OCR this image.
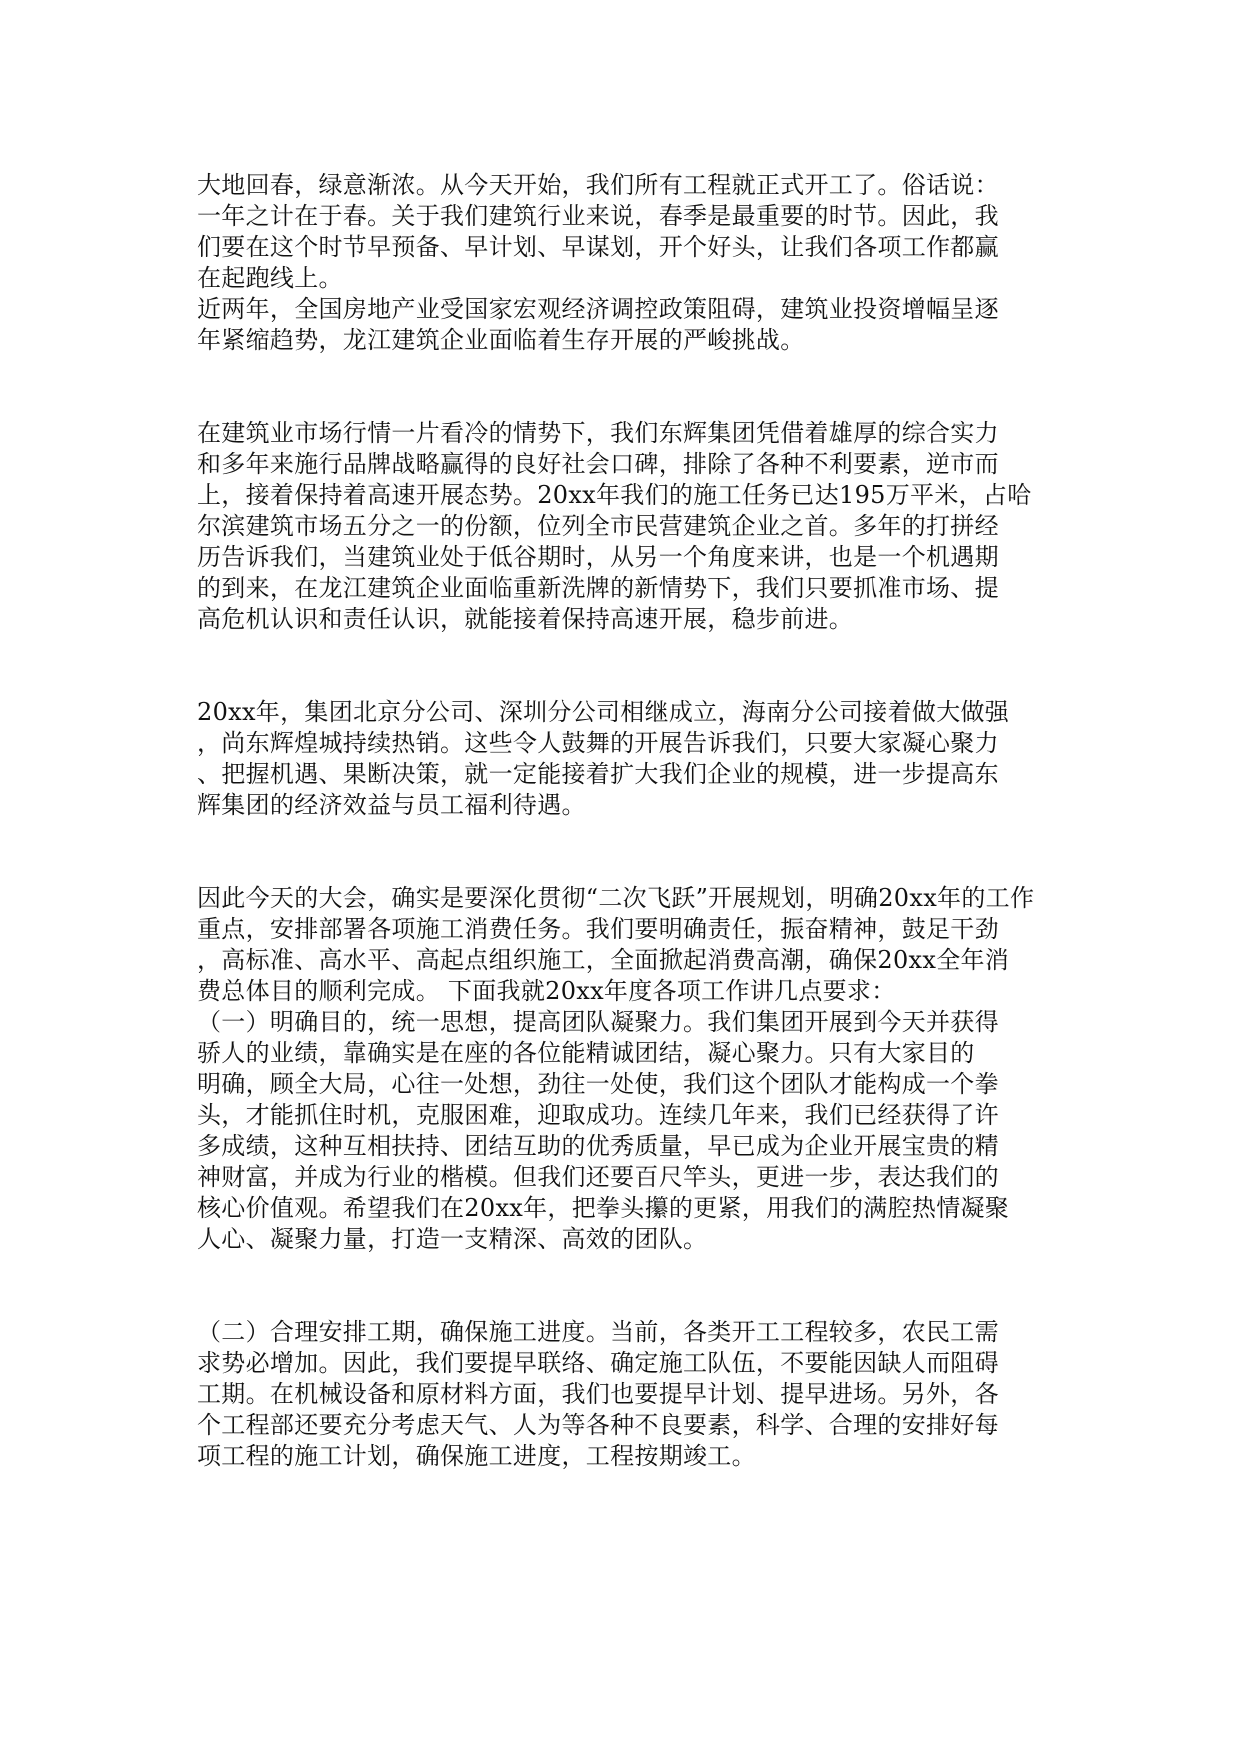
大地回春，绿意渐浓。从今天开始，我们所有工程就正式开工了。俗话说：
一年之计在于春。关于我们建筑行业来说，春季是最重要的时节。因此，我
们要在这个时节早预备、早计划、早谋划，开个好头，让我们各项工作都赢
在起跑线上。
近两年，全国房地产业受国家宏观经济调控政策阻碍，建筑业投资增幅呈逐
年紧缩趋势，龙江建筑企业面临着生存开展的严峻挑战。
在建筑业市场行情一片看冷的情势下，我们东辉集团凭借着雄厚的综合实力
和多年来施行品牌战略赢得的良好社会口碑，排除了各种不利要素，逆市而
上，接着保持着高速开展态势。20xx年我们的施工任务已达195万平米，占哈
尔滨建筑市场五分之一的份额，位列全市民营建筑企业之首。多年的打拼经
历告诉我们，当建筑业处于低谷期时，从另一个角度来讲，也是一个机遇期
的到来，在龙江建筑企业面临重新洗牌的新情势下，我们只要抓准市场、提
高危机认识和责任认识，就能接着保持高速开展，稳步前进。
20xx年，集团北京分公司、深圳分公司相继成立，海南分公司接着做大做强
，尚东辉煌城持续热销。这些令人鼓舞的开展告诉我们，只要大家凝心聚力
、把握机遇、果断决策，就一定能接着扩大我们企业的规模，进一步提高东
辉集团的经济效益与员工福利待遇。
因此今天的大会，确实是要深化贯彻“二次飞跃”开展规划，明确20xx年的工作
重点，安排部署各项施工消费任务。我们要明确责任，振奋精神，鼓足干劲
，高标准、高水平、高起点组织施工，全面掀起消费高潮，确保20xx全年消
费总体目的顺利完成。 下面我就20xx年度各项工作讲几点要求：
（一）明确目的，统一思想，提高团队凝聚力。我们集团开展到今天并获得
骄人的业绩，靠确实是在座的各位能精诚团结，凝心聚力。只有大家目的
明确，顾全大局，心往一处想，劲往一处使，我们这个团队才能构成一个拳
头，才能抓住时机，克服困难，迎取成功。连续几年来，我们已经获得了许
多成绩，这种互相扶持、团结互助的优秀质量，早已成为企业开展宝贵的精
神财富，并成为行业的楷模。但我们还要百尺竿头，更进一步，表达我们的
核心价值观。希望我们在20xx年，把拳头攥的更紧，用我们的满腔热情凝聚
人心、凝聚力量，打造一支精深、高效的团队。
（二）合理安排工期，确保施工进度。当前，各类开工工程较多，农民工需
求势必增加。因此，我们要提早联络、确定施工队伍，不要能因缺人而阻碍
工期。在机械设备和原材料方面，我们也要提早计划、提早进场。另外，各
个工程部还要充分考虑天气、人为等各种不良要素，科学、合理的安排好每
项工程的施工计划，确保施工进度，工程按期竣工。
